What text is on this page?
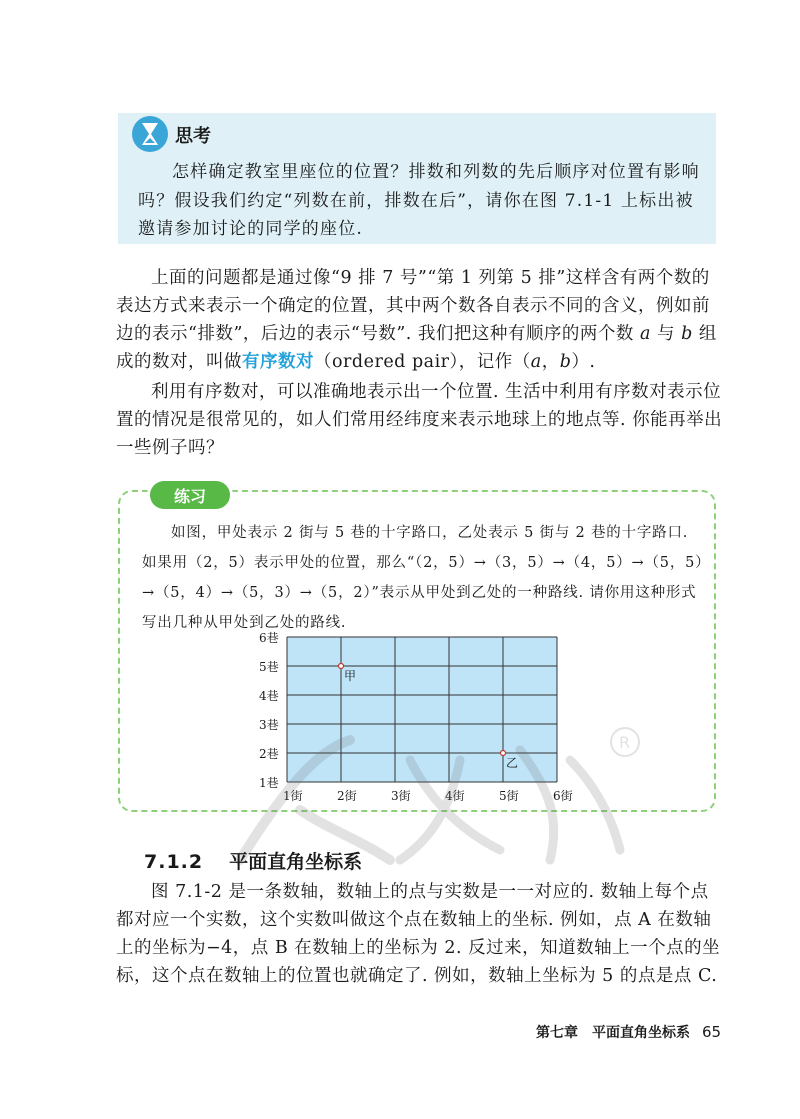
思考
怎样确定教室里座位的位置？排数和列数的先后顺序对位置有影响吗？假设我们约定“列数在前，排数在后”，请你在图 7.1-1 上标出被邀请参加讨论的同学的座位.
上面的问题都是通过像“9 排 7 号”“第 1 列第 5 排”这样含有两个数的表达方式来表示一个确定的位置，其中两个数各自表示不同的含义，例如前边的表示“排数”，后边的表示“号数”. 我们把这种有顺序的两个数 a 与 b 组成的数对，叫做有序数对（ordered pair），记作（a，b）.
利用有序数对，可以准确地表示出一个位置. 生活中利用有序数对表示位置的情况是很常见的，如人们常用经纬度来表示地球上的地点等. 你能再举出一些例子吗？
练习
如图，甲处表示 2 街与 5 巷的十字路口，乙处表示 5 街与 2 巷的十字路口. 如果用（2，5）表示甲处的位置，那么“（2，5）→（3，5）→（4，5）→（5，5）→（5，4）→（5，3）→（5，2）”表示从甲处到乙处的一种路线. 请你用这种形式写出几种从甲处到乙处的路线.
1巷
2巷
3巷
4巷
5巷
6巷
1街	2街	3街	4街	5街	6街
甲
乙
R
7.1.2 平面直角坐标系
图 7.1-2 是一条数轴，数轴上的点与实数是一一对应的. 数轴上每个点都对应一个实数，这个实数叫做这个点在数轴上的坐标. 例如，点 A 在数轴上的坐标为−4，点 B 在数轴上的坐标为 2. 反过来，知道数轴上一个点的坐标，这个点在数轴上的位置也就确定了. 例如，数轴上坐标为 5 的点是点 C.
第七章　平面直角坐标系 65
